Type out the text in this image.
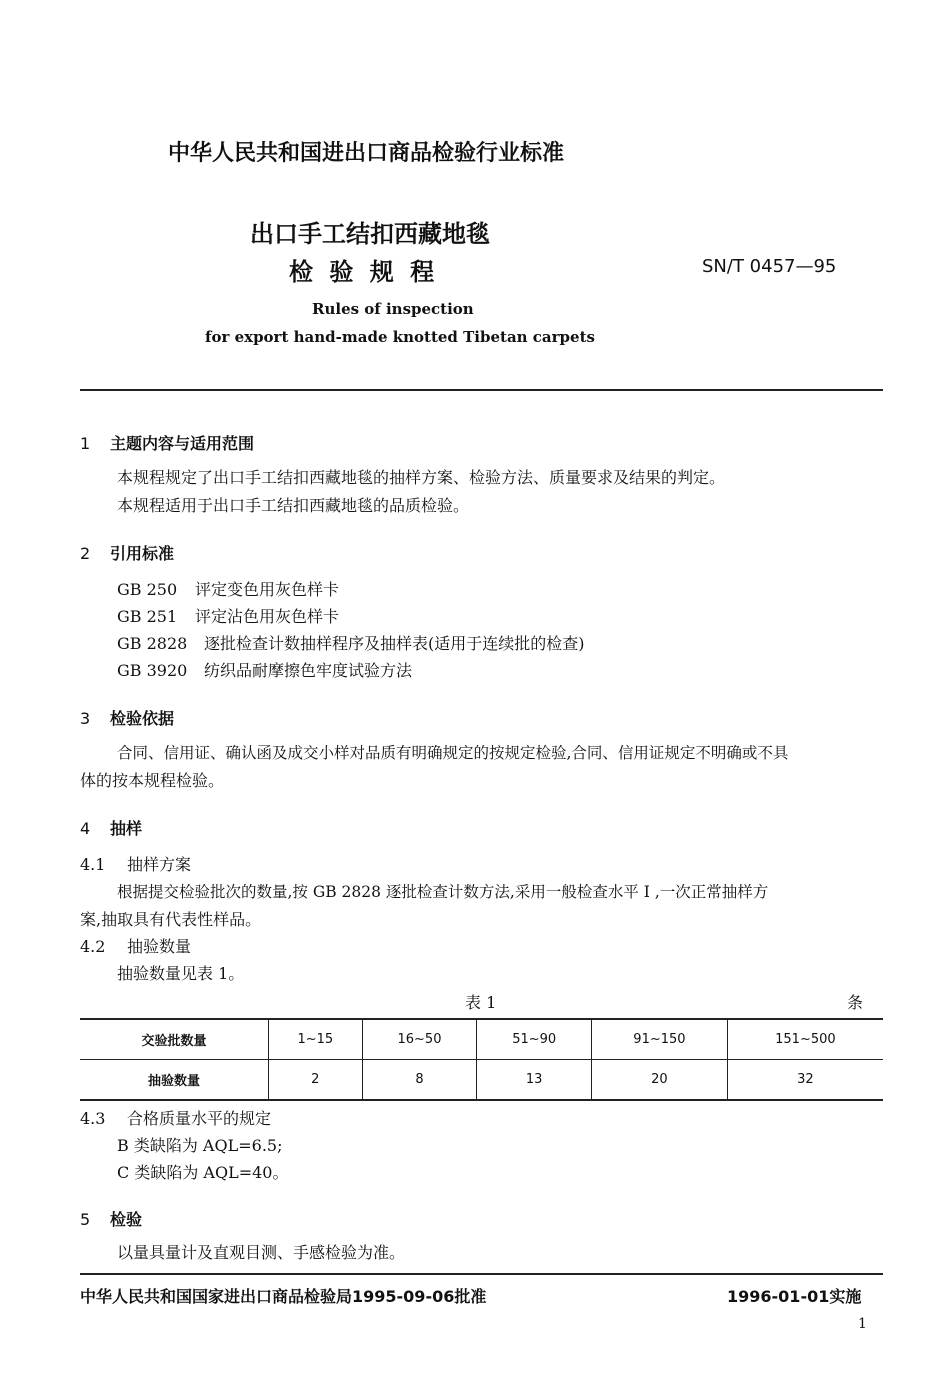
中华人民共和国进出口商品检验行业标准
出口手工结扣西藏地毯
检 验 规 程	SN/T 0457—95
Rules of inspection
for export hand-made knotted Tibetan carpets
1 主题内容与适用范围
本规程规定了出口手工结扣西藏地毯的抽样方案、检验方法、质量要求及结果的判定。
本规程适用于出口手工结扣西藏地毯的品质检验。
2 引用标准
GB 250 评定变色用灰色样卡
GB 251 评定沾色用灰色样卡
GB 2828 逐批检查计数抽样程序及抽样表(适用于连续批的检查)
GB 3920 纺织品耐摩擦色牢度试验方法
3 检验依据
合同、信用证、确认函及成交小样对品质有明确规定的按规定检验,合同、信用证规定不明确或不具
体的按本规程检验。
4 抽样
4.1 抽样方案
根据提交检验批次的数量,按 GB 2828 逐批检查计数方法,采用一般检查水平 Ⅰ ,一次正常抽样方
案,抽取具有代表性样品。
4.2 抽验数量
抽验数量见表 1。
表 1	条
交验批数量	1~15	16~50	51~90	91~150	151~500
抽验数量	2	8	13	20	32
4.3 合格质量水平的规定
B 类缺陷为 AQL=6.5;
C 类缺陷为 AQL=40。
5 检验
以量具量计及直观目测、手感检验为准。
中华人民共和国国家进出口商品检验局1995-09-06批准	1996-01-01实施
1
